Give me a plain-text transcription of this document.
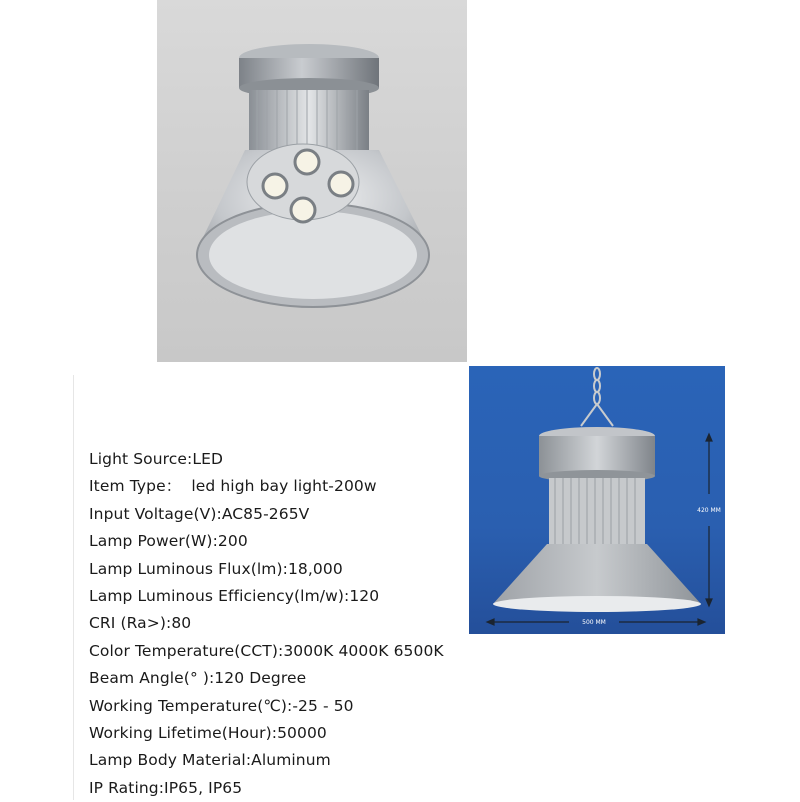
420 MM
500 MM
Light Source:LED
Item Type：  led high bay light-200w
Input Voltage(V):AC85-265V
Lamp Power(W):200
Lamp Luminous Flux(lm):18,000
Lamp Luminous Efficiency(lm/w):120
CRI (Ra>):80
Color Temperature(CCT):3000K 4000K 6500K
Beam Angle(° ):120 Degree
Working Temperature(℃):-25 - 50
Working Lifetime(Hour):50000
Lamp Body Material:Aluminum
IP Rating:IP65, IP65
